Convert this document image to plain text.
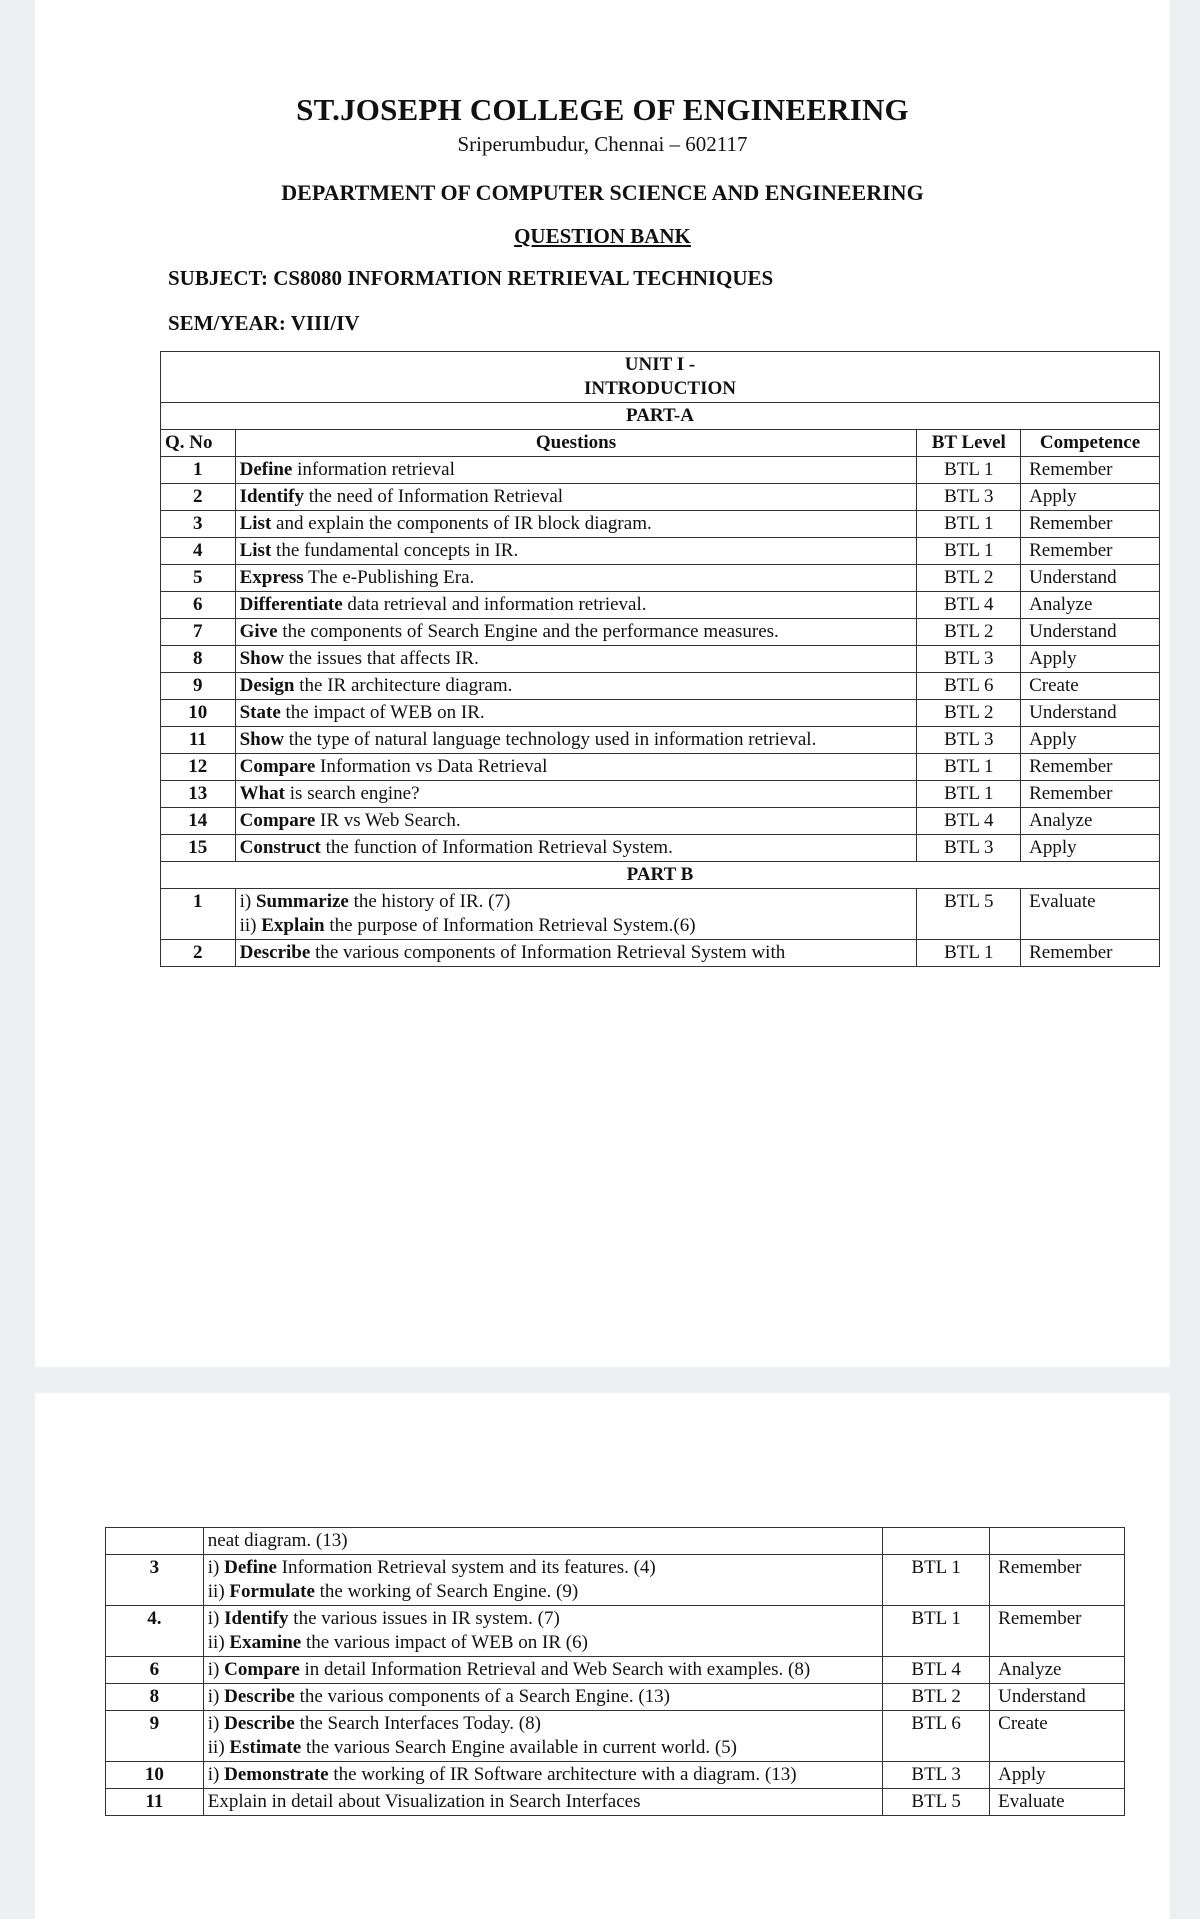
ST.JOSEPH COLLEGE OF ENGINEERING
Sriperumbudur, Chennai – 602117
DEPARTMENT OF COMPUTER SCIENCE AND ENGINEERING
QUESTION BANK
SUBJECT: CS8080 INFORMATION RETRIEVAL TECHNIQUES
SEM/YEAR: VIII/IV
UNIT I -
INTRODUCTION			

PART-A			
Q. No	Questions	BT Level	Competence
1	Define information retrieval	BTL 1	Remember
2	Identify the need of Information Retrieval	BTL 3	Apply
3	List and explain the components of IR block diagram.	BTL 1	Remember
4	List the fundamental concepts in IR.	BTL 1	Remember
5	Express The e-Publishing Era.	BTL 2	Understand
6	Differentiate data retrieval and information retrieval.	BTL 4	Analyze
7	Give the components of Search Engine and the performance measures.	BTL 2	Understand
8	Show the issues that affects IR.	BTL 3	Apply
9	Design the IR architecture diagram.	BTL 6	Create
10	State the impact of WEB on IR.	BTL 2	Understand
11	Show the type of natural language technology used in information retrieval.	BTL 3	Apply
12	Compare Information vs Data Retrieval	BTL 1	Remember
13	What is search engine?	BTL 1	Remember
14	Compare IR vs Web Search.	BTL 4	Analyze
15	Construct the function of Information Retrieval System.	BTL 3	Apply
PART B			
1	i) Summarize the history of IR. (7)
ii) Explain the purpose of Information Retrieval System.(6)	BTL 5	Evaluate
2	Describe the various components of Information Retrieval System with	BTL 1	Remember
	neat diagram. (13)		
3	i) Define Information Retrieval system and its features. (4)
ii) Formulate the working of Search Engine. (9)	BTL 1	Remember
4.	i) Identify the various issues in IR system. (7)
ii) Examine the various impact of WEB on IR (6)	BTL 1	Remember
6	i) Compare in detail Information Retrieval and Web Search with examples. (8)	BTL 4	Analyze
8	i) Describe the various components of a Search Engine. (13)	BTL 2	Understand
9	i) Describe the Search Interfaces Today. (8)
ii) Estimate the various Search Engine available in current world. (5)	BTL 6	Create
10	i) Demonstrate the working of IR Software architecture with a diagram. (13)	BTL 3	Apply
11	Explain in detail about Visualization in Search Interfaces	BTL 5	Evaluate
